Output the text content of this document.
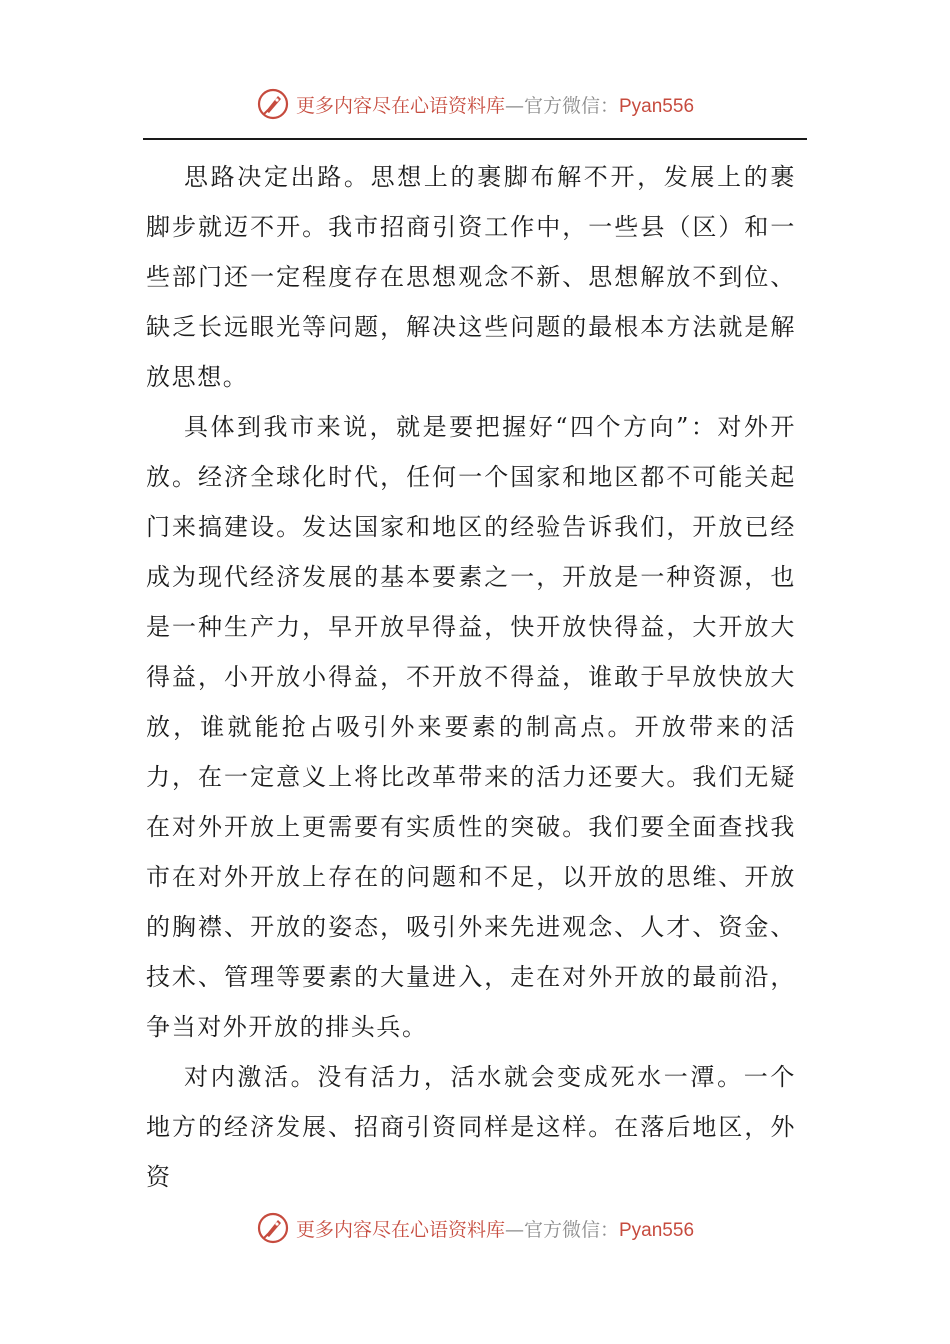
更多内容尽在心语资料库—官方微信：Pyan556

思路决定出路。思想上的裹脚布解不开，发展上的裹脚步就迈不开。我市招商引资工作中，一些县（区）和一些部门还一定程度存在思想观念不新、思想解放不到位、缺乏长远眼光等问题，解决这些问题的最根本方法就是解放思想。

具体到我市来说，就是要把握好“四个方向”：对外开放。经济全球化时代，任何一个国家和地区都不可能关起门来搞建设。发达国家和地区的经验告诉我们，开放已经成为现代经济发展的基本要素之一，开放是一种资源，也是一种生产力，早开放早得益，快开放快得益，大开放大得益，小开放小得益，不开放不得益，谁敢于早放快放大放，谁就能抢占吸引外来要素的制高点。开放带来的活力，在一定意义上将比改革带来的活力还要大。我们无疑在对外开放上更需要有实质性的突破。我们要全面查找我市在对外开放上存在的问题和不足，以开放的思维、开放的胸襟、开放的姿态，吸引外来先进观念、人才、资金、技术、管理等要素的大量进入，走在对外开放的最前沿，争当对外开放的排头兵。

对内激活。没有活力，活水就会变成死水一潭。一个地方的经济发展、招商引资同样是这样。在落后地区，外资

更多内容尽在心语资料库—官方微信：Pyan556
